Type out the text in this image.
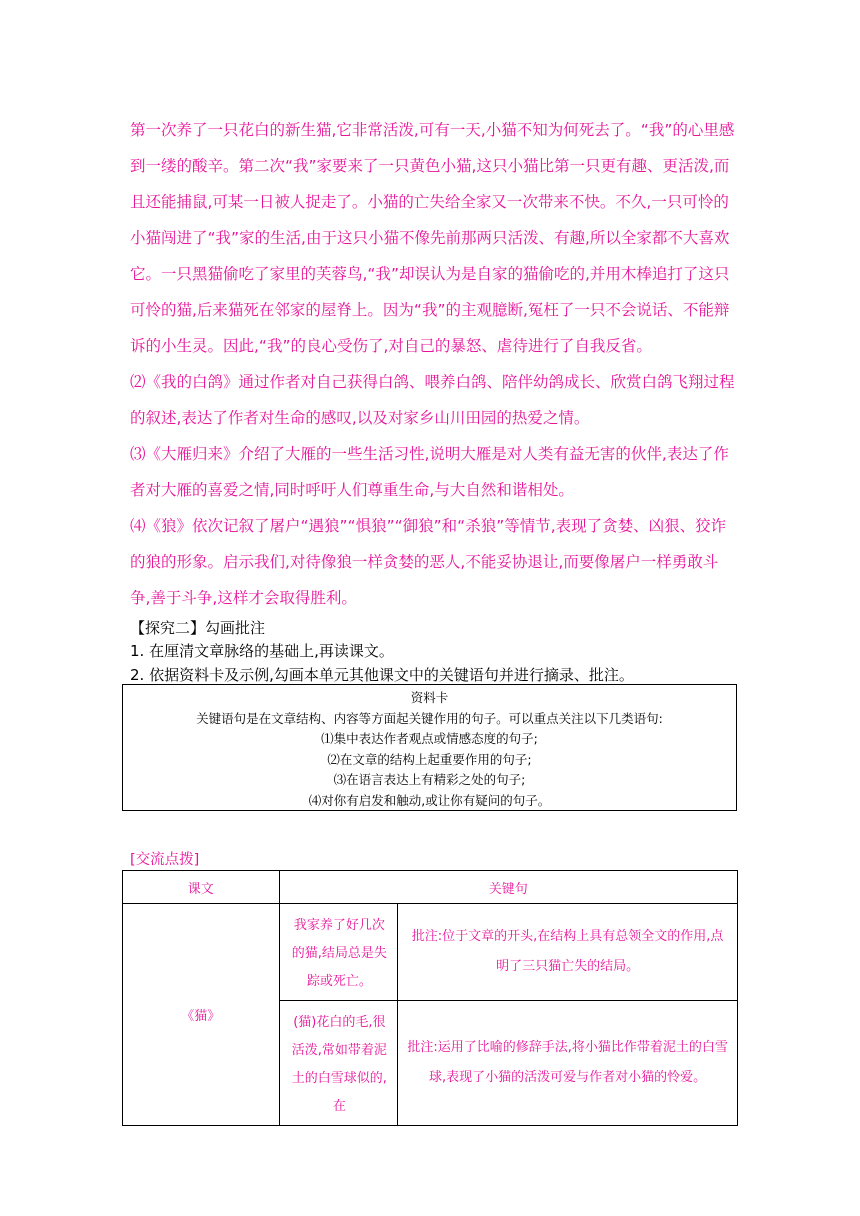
第一次养了一只花白的新生猫,它非常活泼,可有一天,小猫不知为何死去了。“我”的心里感到一缕的酸辛。第二次“我”家要来了一只黄色小猫,这只小猫比第一只更有趣、更活泼,而且还能捕鼠,可某一日被人捉走了。小猫的亡失给全家又一次带来不快。不久,一只可怜的小猫闯进了“我”家的生活,由于这只小猫不像先前那两只活泼、有趣,所以全家都不大喜欢它。一只黑猫偷吃了家里的芙蓉鸟,“我”却误认为是自家的猫偷吃的,并用木棒追打了这只可怜的猫,后来猫死在邻家的屋脊上。因为“我”的主观臆断,冤枉了一只不会说话、不能辩诉的小生灵。因此,“我”的良心受伤了,对自己的暴怒、虐待进行了自我反省。

⑵《我的白鸽》通过作者对自己获得白鸽、喂养白鸽、陪伴幼鸽成长、欣赏白鸽飞翔过程的叙述,表达了作者对生命的感叹,以及对家乡山川田园的热爱之情。

⑶《大雁归来》介绍了大雁的一些生活习性,说明大雁是对人类有益无害的伙伴,表达了作者对大雁的喜爱之情,同时呼吁人们尊重生命,与大自然和谐相处。

⑷《狼》依次记叙了屠户“遇狼”“惧狼”“御狼”和“杀狼”等情节,表现了贪婪、凶狠、狡诈的狼的形象。启示我们,对待像狼一样贪婪的恶人,不能妥协退让,而要像屠户一样勇敢斗争,善于斗争,这样才会取得胜利。

【探究二】勾画批注

1. 在厘清文章脉络的基础上,再读课文。

2. 依据资料卡及示例,勾画本单元其他课文中的关键语句并进行摘录、批注。

资料卡
关键语句是在文章结构、内容等方面起关键作用的句子。可以重点关注以下几类语句:
⑴集中表达作者观点或情感态度的句子;
⑵在文章的结构上起重要作用的句子;
⑶在语言表达上有精彩之处的句子;
⑷对你有启发和触动,或让你有疑问的句子。

[交流点拨]

课文	关键句	
《猫》	我家养了好几次的猫,结局总是失踪或死亡。	批注:位于文章的开头,在结构上具有总领全文的作用,点明了三只猫亡失的结局。

	(猫)花白的毛,很活泼,常如带着泥土的白雪球似的,在	批注:运用了比喻的修辞手法,将小猫比作带着泥土的白雪球,表现了小猫的活泼可爱与作者对小猫的怜爱。
